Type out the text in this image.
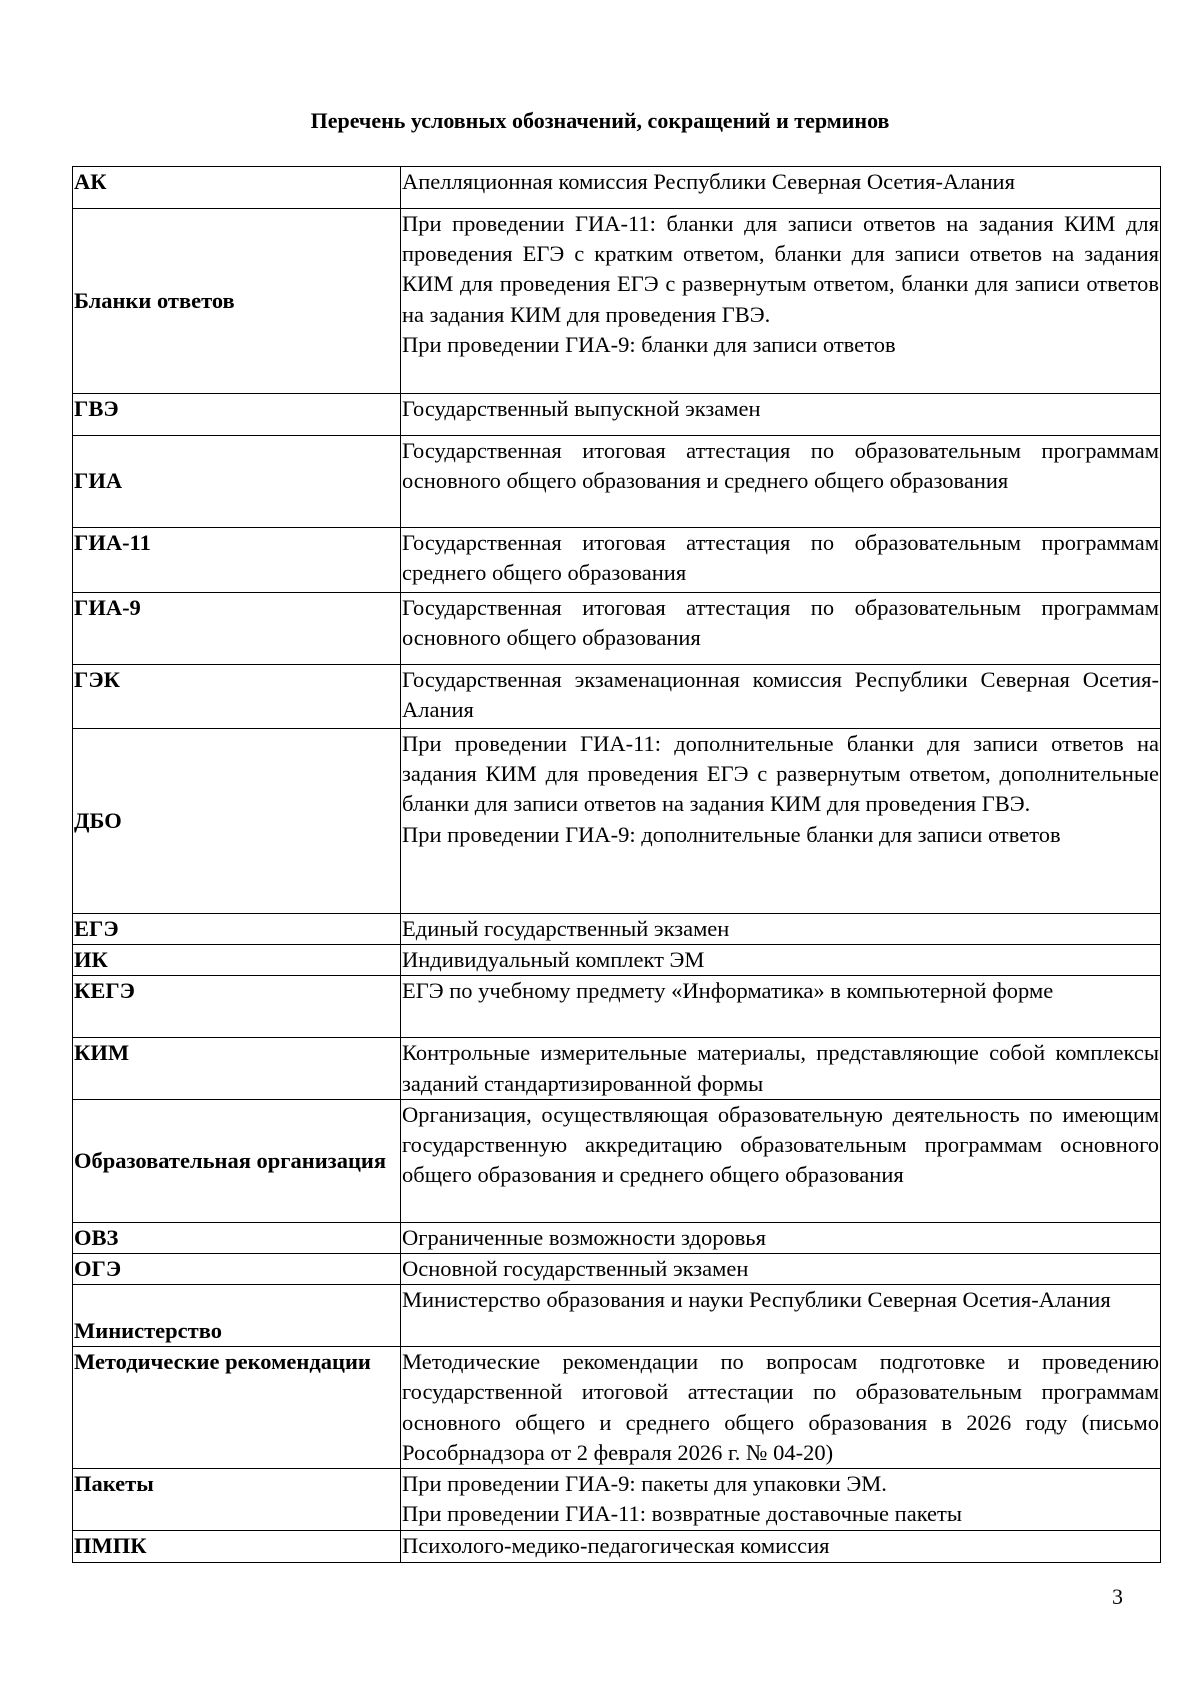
Перечень условных обозначений, сокращений и терминов
АК	Апелляционная комиссия Республики Северная Осетия-Алания

Бланки ответов	При проведении ГИА-11: бланки для записи ответов на задания КИМ для проведения ЕГЭ с кратким ответом, бланки для записи ответов на задания КИМ для проведения ЕГЭ с развернутым ответом, бланки для записи ответов на задания КИМ для проведения ГВЭ.
При проведении ГИА-9: бланки для записи ответов

ГВЭ	Государственный выпускной экзамен

ГИА	Государственная итоговая аттестация по образовательным программам основного общего образования и среднего общего образования

ГИА-11	Государственная итоговая аттестация по образовательным программам среднего общего образования

ГИА-9	Государственная итоговая аттестация по образовательным программам основного общего образования

ГЭК	Государственная экзаменационная комиссия Республики Северная Осетия-Алания

ДБО	При проведении ГИА-11: дополнительные бланки для записи ответов на задания КИМ для проведения ЕГЭ с развернутым ответом, дополнительные бланки для записи ответов на задания КИМ для проведения ГВЭ.
При проведении ГИА-9: дополнительные бланки для записи ответов

ЕГЭ	Единый государственный экзамен

ИК	Индивидуальный комплект ЭМ

КЕГЭ	ЕГЭ по учебному предмету «Информатика» в компьютерной форме

КИМ	Контрольные измерительные материалы, представляющие собой комплексы заданий стандартизированной формы

Образовательная организация	Организация, осуществляющая образовательную деятельность по имеющим государственную аккредитацию образовательным программам основного общего образования и среднего общего образования

ОВЗ	Ограниченные возможности здоровья

ОГЭ	Основной государственный экзамен

Министерство	Министерство образования и науки Республики Северная Осетия-Алания

Методические рекомендации	Методические рекомендации по вопросам подготовке и проведению государственной итоговой аттестации по образовательным программам основного общего и среднего общего образования в 2026 году (письмо Рособрнадзора от 2 февраля 2026 г. № 04-20)

Пакеты	При проведении ГИА-9: пакеты для упаковки ЭМ.
При проведении ГИА-11: возвратные доставочные пакеты

ПМПК	Психолого-медико-педагогическая комиссия
3
